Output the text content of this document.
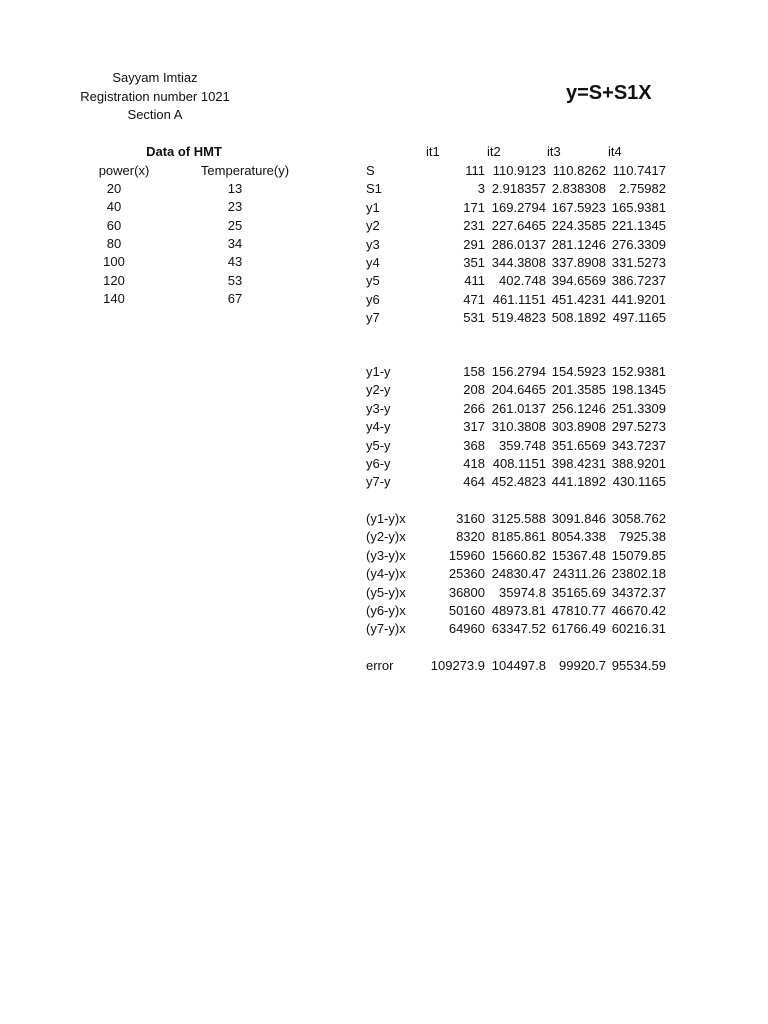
Sayyam Imtiaz
Registration number 1021
Section A
y=S+S1X
Data of HMT
power(x)	Temperature(y)
20	13
40	23
60	25
80	34
100	43
120	53
140	67
it1	it2	it3	it4
S	111 110.9123 110.8262 110.7417
S1	3 2.918357 2.838308 2.75982
y1	171 169.2794 167.5923 165.9381
y2	231 227.6465 224.3585 221.1345
y3	291 286.0137 281.1246 276.3309
y4	351 344.3808 337.8908 331.5273
y5	411 402.748 394.6569 386.7237
y6	471 461.1151 451.4231 441.9201
y7	531 519.4823 508.1892 497.1165
y1-y	158 156.2794 154.5923 152.9381
y2-y	208 204.6465 201.3585 198.1345
y3-y	266 261.0137 256.1246 251.3309
y4-y	317 310.3808 303.8908 297.5273
y5-y	368 359.748 351.6569 343.7237
y6-y	418 408.1151 398.4231 388.9201
y7-y	464 452.4823 441.1892 430.1165
(y1-y)x	3160 3125.588 3091.846 3058.762
(y2-y)x	8320 8185.861 8054.338 7925.38
(y3-y)x	15960 15660.82 15367.48 15079.85
(y4-y)x	25360 24830.47 24311.26 23802.18
(y5-y)x	36800 35974.8 35165.69 34372.37
(y6-y)x	50160 48973.81 47810.77 46670.42
(y7-y)x	64960 63347.52 61766.49 60216.31
error	109273.9 104497.8 99920.7 95534.59
